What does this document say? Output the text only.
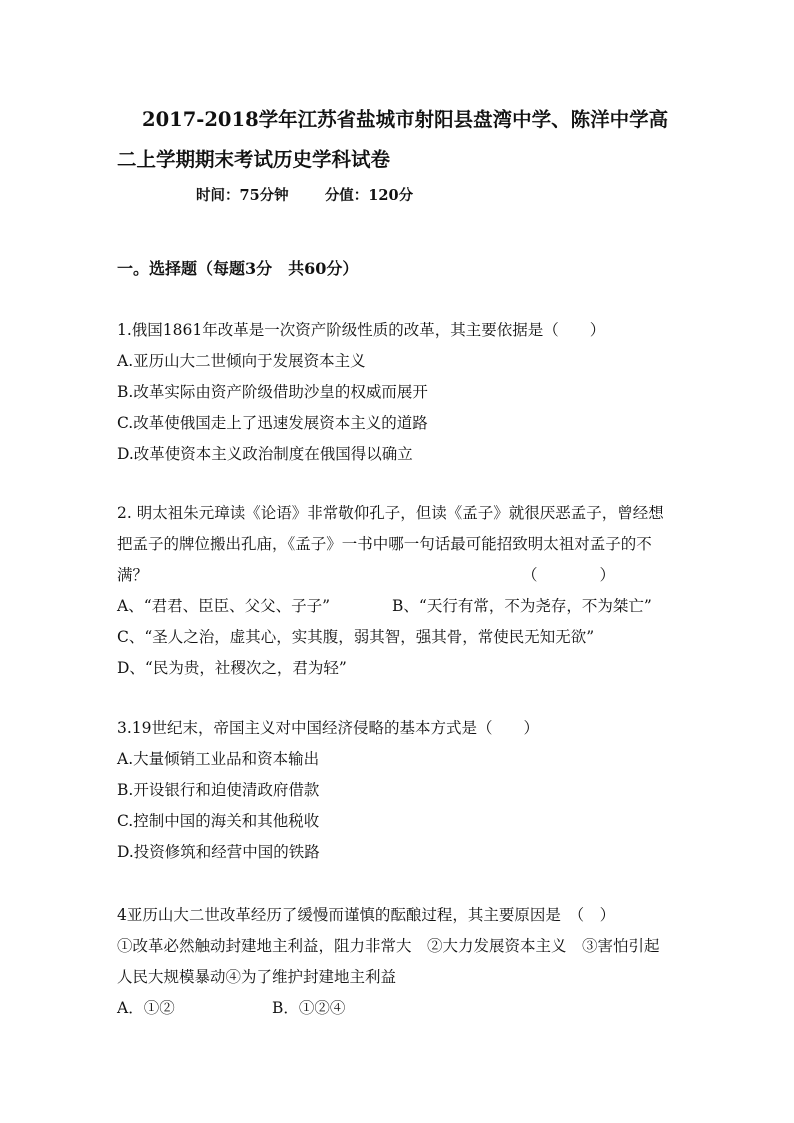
2017-2018学年江苏省盐城市射阳县盘湾中学、陈洋中学高
二上学期期末考试历史学科试卷
时间：75分钟 分值：120分
一。选择题（每题3分　共60分）
1.俄国1861年改革是一次资产阶级性质的改革，其主要依据是（　　）
A.亚历山大二世倾向于发展资本主义
B.改革实际由资产阶级借助沙皇的权威而展开
C.改革使俄国走上了迅速发展资本主义的道路
D.改革使资本主义政治制度在俄国得以确立
2. 明太祖朱元璋读《论语》非常敬仰孔子，但读《孟子》就很厌恶孟子，曾经想
把孟子的牌位搬出孔庙，《孟子》一书中哪一句话最可能招致明太祖对孟子的不
满？	（　　　　）
A、“君君、臣臣、父父、子子”	B、“天行有常，不为尧存，不为桀亡”
C、“圣人之治，虚其心，实其腹，弱其智，强其骨，常使民无知无欲”
D、“民为贵，社稷次之，君为轻”
3.19世纪末，帝国主义对中国经济侵略的基本方式是（　　）
A.大量倾销工业品和资本输出
B.开设银行和迫使清政府借款
C.控制中国的海关和其他税收
D.投资修筑和经营中国的铁路
4亚历山大二世改革经历了缓慢而谨慎的酝酿过程，其主要原因是　（　）
①改革必然触动封建地主利益，阻力非常大　②大力发展资本主义　③害怕引起
人民大规模暴动④为了维护封建地主利益
A．①②	B．①②④
